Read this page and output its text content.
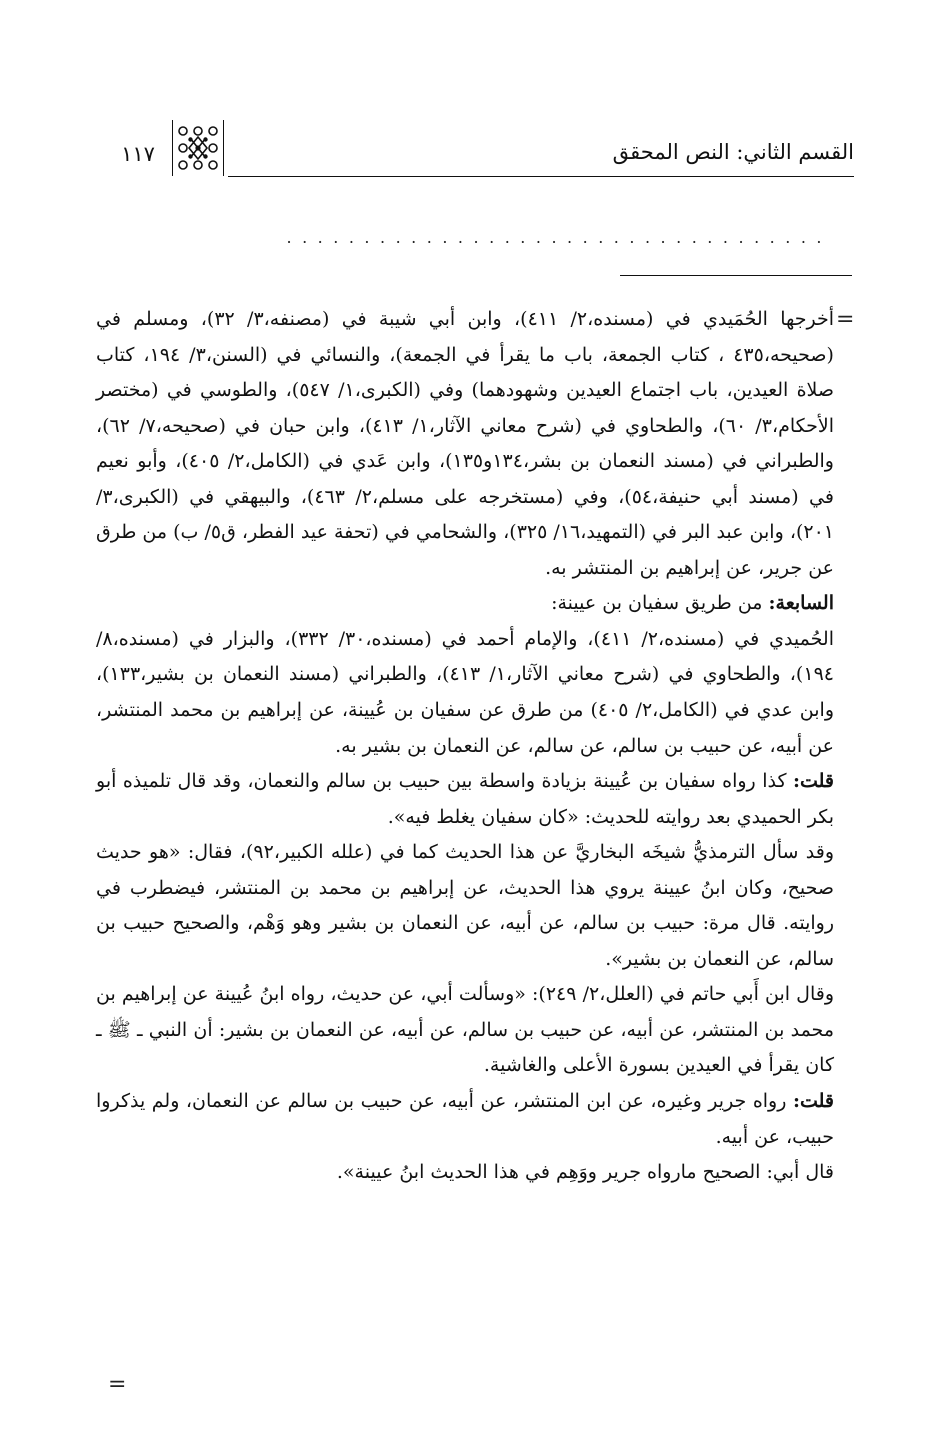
القسم الثاني: النص المحقق
١١٧
...................................
=

أخرجها الحُمَيدي في (مسنده،٢/ ٤١١)، وابن أبي شيبة في (مصنفه،٣/ ٣٢)، ومسلم في (صحيحه،٤٣٥ ، كتاب الجمعة، باب ما يقرأ في الجمعة)، والنسائي في (السنن،٣/ ١٩٤، كتاب صلاة العيدين، باب اجتماع العيدين وشهودهما) وفي (الكبرى،١/ ٥٤٧)، والطوسي في (مختصر الأحكام،٣/ ٦٠)، والطحاوي في (شرح معاني الآثار،١/ ٤١٣)، وابن حبان في (صحيحه،٧/ ٦٢)، والطبراني في (مسند النعمان بن بشر،١٣٤و١٣٥)، وابن عَدي في (الكامل،٢/ ٤٠٥)، وأبو نعيم في (مسند أبي حنيفة،٥٤)، وفي (مستخرجه على مسلم،٢/ ٤٦٣)، والبيهقي في (الكبرى،٣/ ٢٠١)، وابن عبد البر في (التمهيد،١٦/ ٣٢٥)، والشحامي في (تحفة عيد الفطر، ق٥/ ب) من طرق عن جرير، عن إبراهيم بن المنتشر به.

السابعة: من طريق سفيان بن عيينة:

الحُميدي في (مسنده،٢/ ٤١١)، والإمام أحمد في (مسنده،٣٠/ ٣٣٢)، والبزار في (مسنده،٨/ ١٩٤)، والطحاوي في (شرح معاني الآثار،١/ ٤١٣)، والطبراني (مسند النعمان بن بشير،١٣٣)، وابن عدي في (الكامل،٢/ ٤٠٥) من طرق عن سفيان بن عُيينة، عن إبراهيم بن محمد المنتشر، عن أبيه، عن حبيب بن سالم، عن سالم، عن النعمان بن بشير به.

قلت: كذا رواه سفيان بن عُيينة بزيادة واسطة بين حبيب بن سالم والنعمان، وقد قال تلميذه أبو بكر الحميدي بعد روايته للحديث: «كان سفيان يغلط فيه».

وقد سأل الترمذيُّ شيخَه البخاريَّ عن هذا الحديث كما في (علله الكبير،٩٢)، فقال: «هو حديث صحيح، وكان ابنُ عيينة يروي هذا الحديث، عن إبراهيم بن محمد بن المنتشر، فيضطرب في روايته. قال مرة: حبيب بن سالم، عن أبيه، عن النعمان بن بشير وهو وَهْم، والصحيح حبيب بن سالم، عن النعمان بن بشير».

وقال ابن أَبي حاتم في (العلل،٢/ ٢٤٩): «وسألت أبي، عن حديث، رواه ابنُ عُيينة عن إبراهيم بن محمد بن المنتشر، عن أبيه، عن حبيب بن سالم، عن أبيه، عن النعمان بن بشير: أن النبي ـ ﷺ ـ كان يقرأ في العيدين بسورة الأعلى والغاشية.

قلت: رواه جرير وغيره، عن ابن المنتشر، عن أبيه، عن حبيب بن سالم عن النعمان، ولم يذكروا حبيب، عن أبيه.

قال أبي: الصحيح مارواه جرير ووَهِم في هذا الحديث ابنُ عيينة».

=
